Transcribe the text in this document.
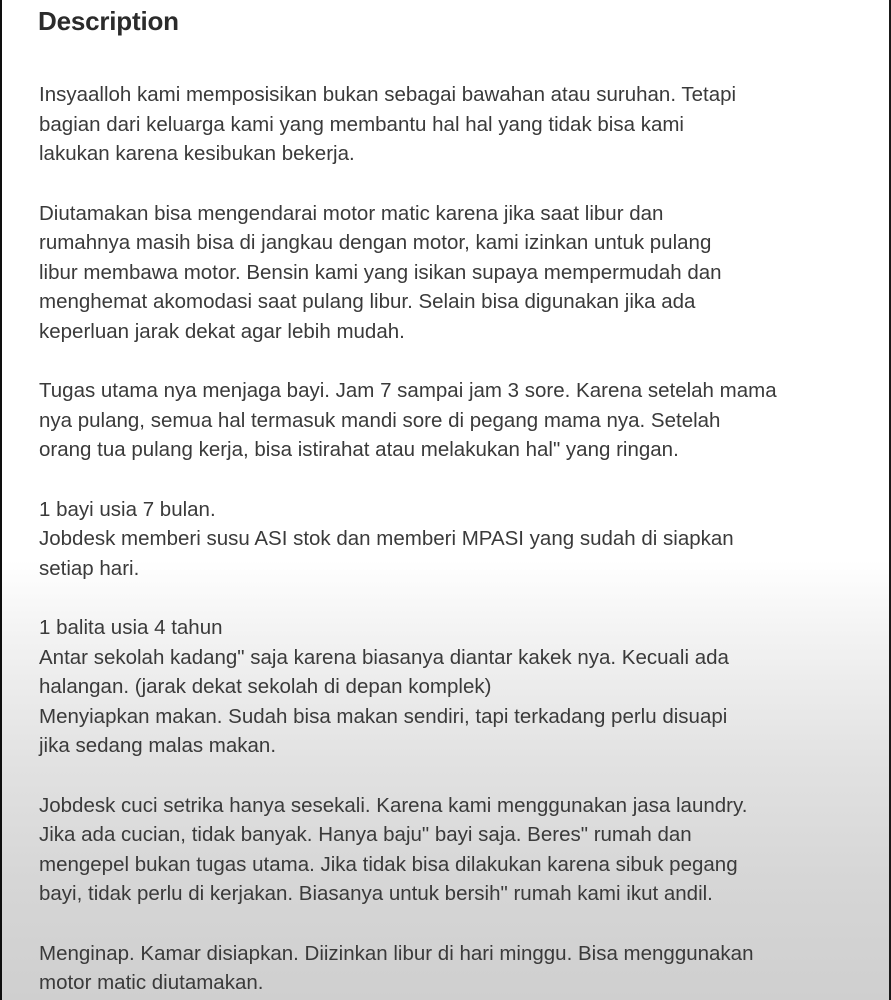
Description

Insyaalloh kami memposisikan bukan sebagai bawahan atau suruhan. Tetapi
bagian dari keluarga kami yang membantu hal hal yang tidak bisa kami
lakukan karena kesibukan bekerja.

Diutamakan bisa mengendarai motor matic karena jika saat libur dan
rumahnya masih bisa di jangkau dengan motor, kami izinkan untuk pulang
libur membawa motor. Bensin kami yang isikan supaya mempermudah dan
menghemat akomodasi saat pulang libur. Selain bisa digunakan jika ada
keperluan jarak dekat agar lebih mudah.

Tugas utama nya menjaga bayi. Jam 7 sampai jam 3 sore. Karena setelah mama
nya pulang, semua hal termasuk mandi sore di pegang mama nya. Setelah
orang tua pulang kerja, bisa istirahat atau melakukan hal" yang ringan.

1 bayi usia 7 bulan.
Jobdesk memberi susu ASI stok dan memberi MPASI yang sudah di siapkan
setiap hari.

1 balita usia 4 tahun
Antar sekolah kadang" saja karena biasanya diantar kakek nya. Kecuali ada
halangan. (jarak dekat sekolah di depan komplek)
Menyiapkan makan. Sudah bisa makan sendiri, tapi terkadang perlu disuapi
jika sedang malas makan.

Jobdesk cuci setrika hanya sesekali. Karena kami menggunakan jasa laundry.
Jika ada cucian, tidak banyak. Hanya baju" bayi saja. Beres" rumah dan
mengepel bukan tugas utama. Jika tidak bisa dilakukan karena sibuk pegang
bayi, tidak perlu di kerjakan. Biasanya untuk bersih" rumah kami ikut andil.

Menginap. Kamar disiapkan. Diizinkan libur di hari minggu. Bisa menggunakan
motor matic diutamakan.
